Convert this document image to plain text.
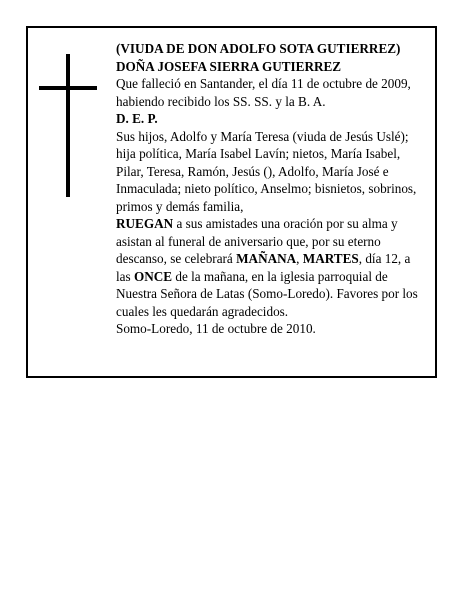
(VIUDA DE DON ADOLFO SOTA GUTIERREZ)

DOÑA JOSEFA SIERRA GUTIERREZ

Que falleció en Santander, el día 11 de octubre de 2009, habiendo recibido los SS. SS. y la B. A.

D. E. P.

Sus hijos, Adolfo y María Teresa (viuda de Jesús Uslé); hija política, María Isabel Lavín; nietos, María Isabel, Pilar, Teresa, Ramón, Jesús (), Adolfo, María José e Inmaculada; nieto político, Anselmo; bisnietos, sobrinos, primos y demás familia,

RUEGAN a sus amistades una oración por su alma y asistan al funeral de aniversario que, por su eterno descanso, se celebrará MAÑANA, MARTES, día 12, a las ONCE de la mañana, en la iglesia parroquial de Nuestra Señora de Latas (Somo-Loredo). Favores por los cuales les quedarán agradecidos.

Somo-Loredo, 11 de octubre de 2010.
